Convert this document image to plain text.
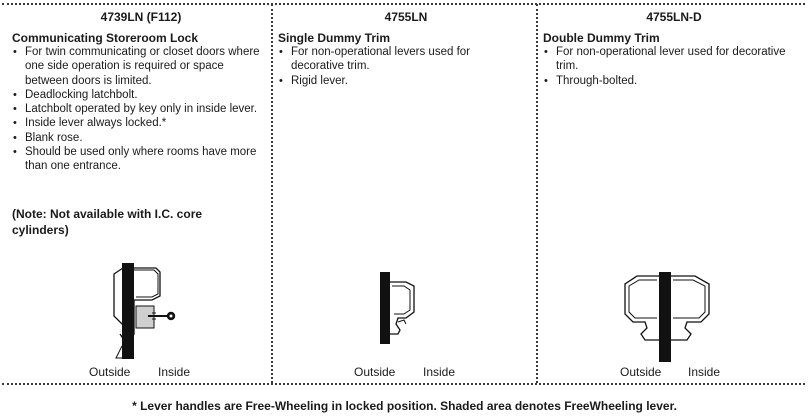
4739LN (F112)
Communicating Storeroom Lock
• For twin communicating or closet doors where one side operation is required or space between doors is limited.
• Deadlocking latchbolt.
• Latchbolt operated by key only in inside lever.
• Inside lever always locked.*
• Blank rose.
• Should be used only where rooms have more than one entrance.
(Note: Not available with I.C. core cylinders)
Outside Inside
4755LN
Single Dummy Trim
• For non-operational levers used for decorative trim.
• Rigid lever.
Outside Inside
4755LN-D
Double Dummy Trim
• For non-operational lever used for decorative trim.
• Through-bolted.
Outside Inside
* Lever handles are Free-Wheeling in locked position. Shaded area denotes FreeWheeling lever.
